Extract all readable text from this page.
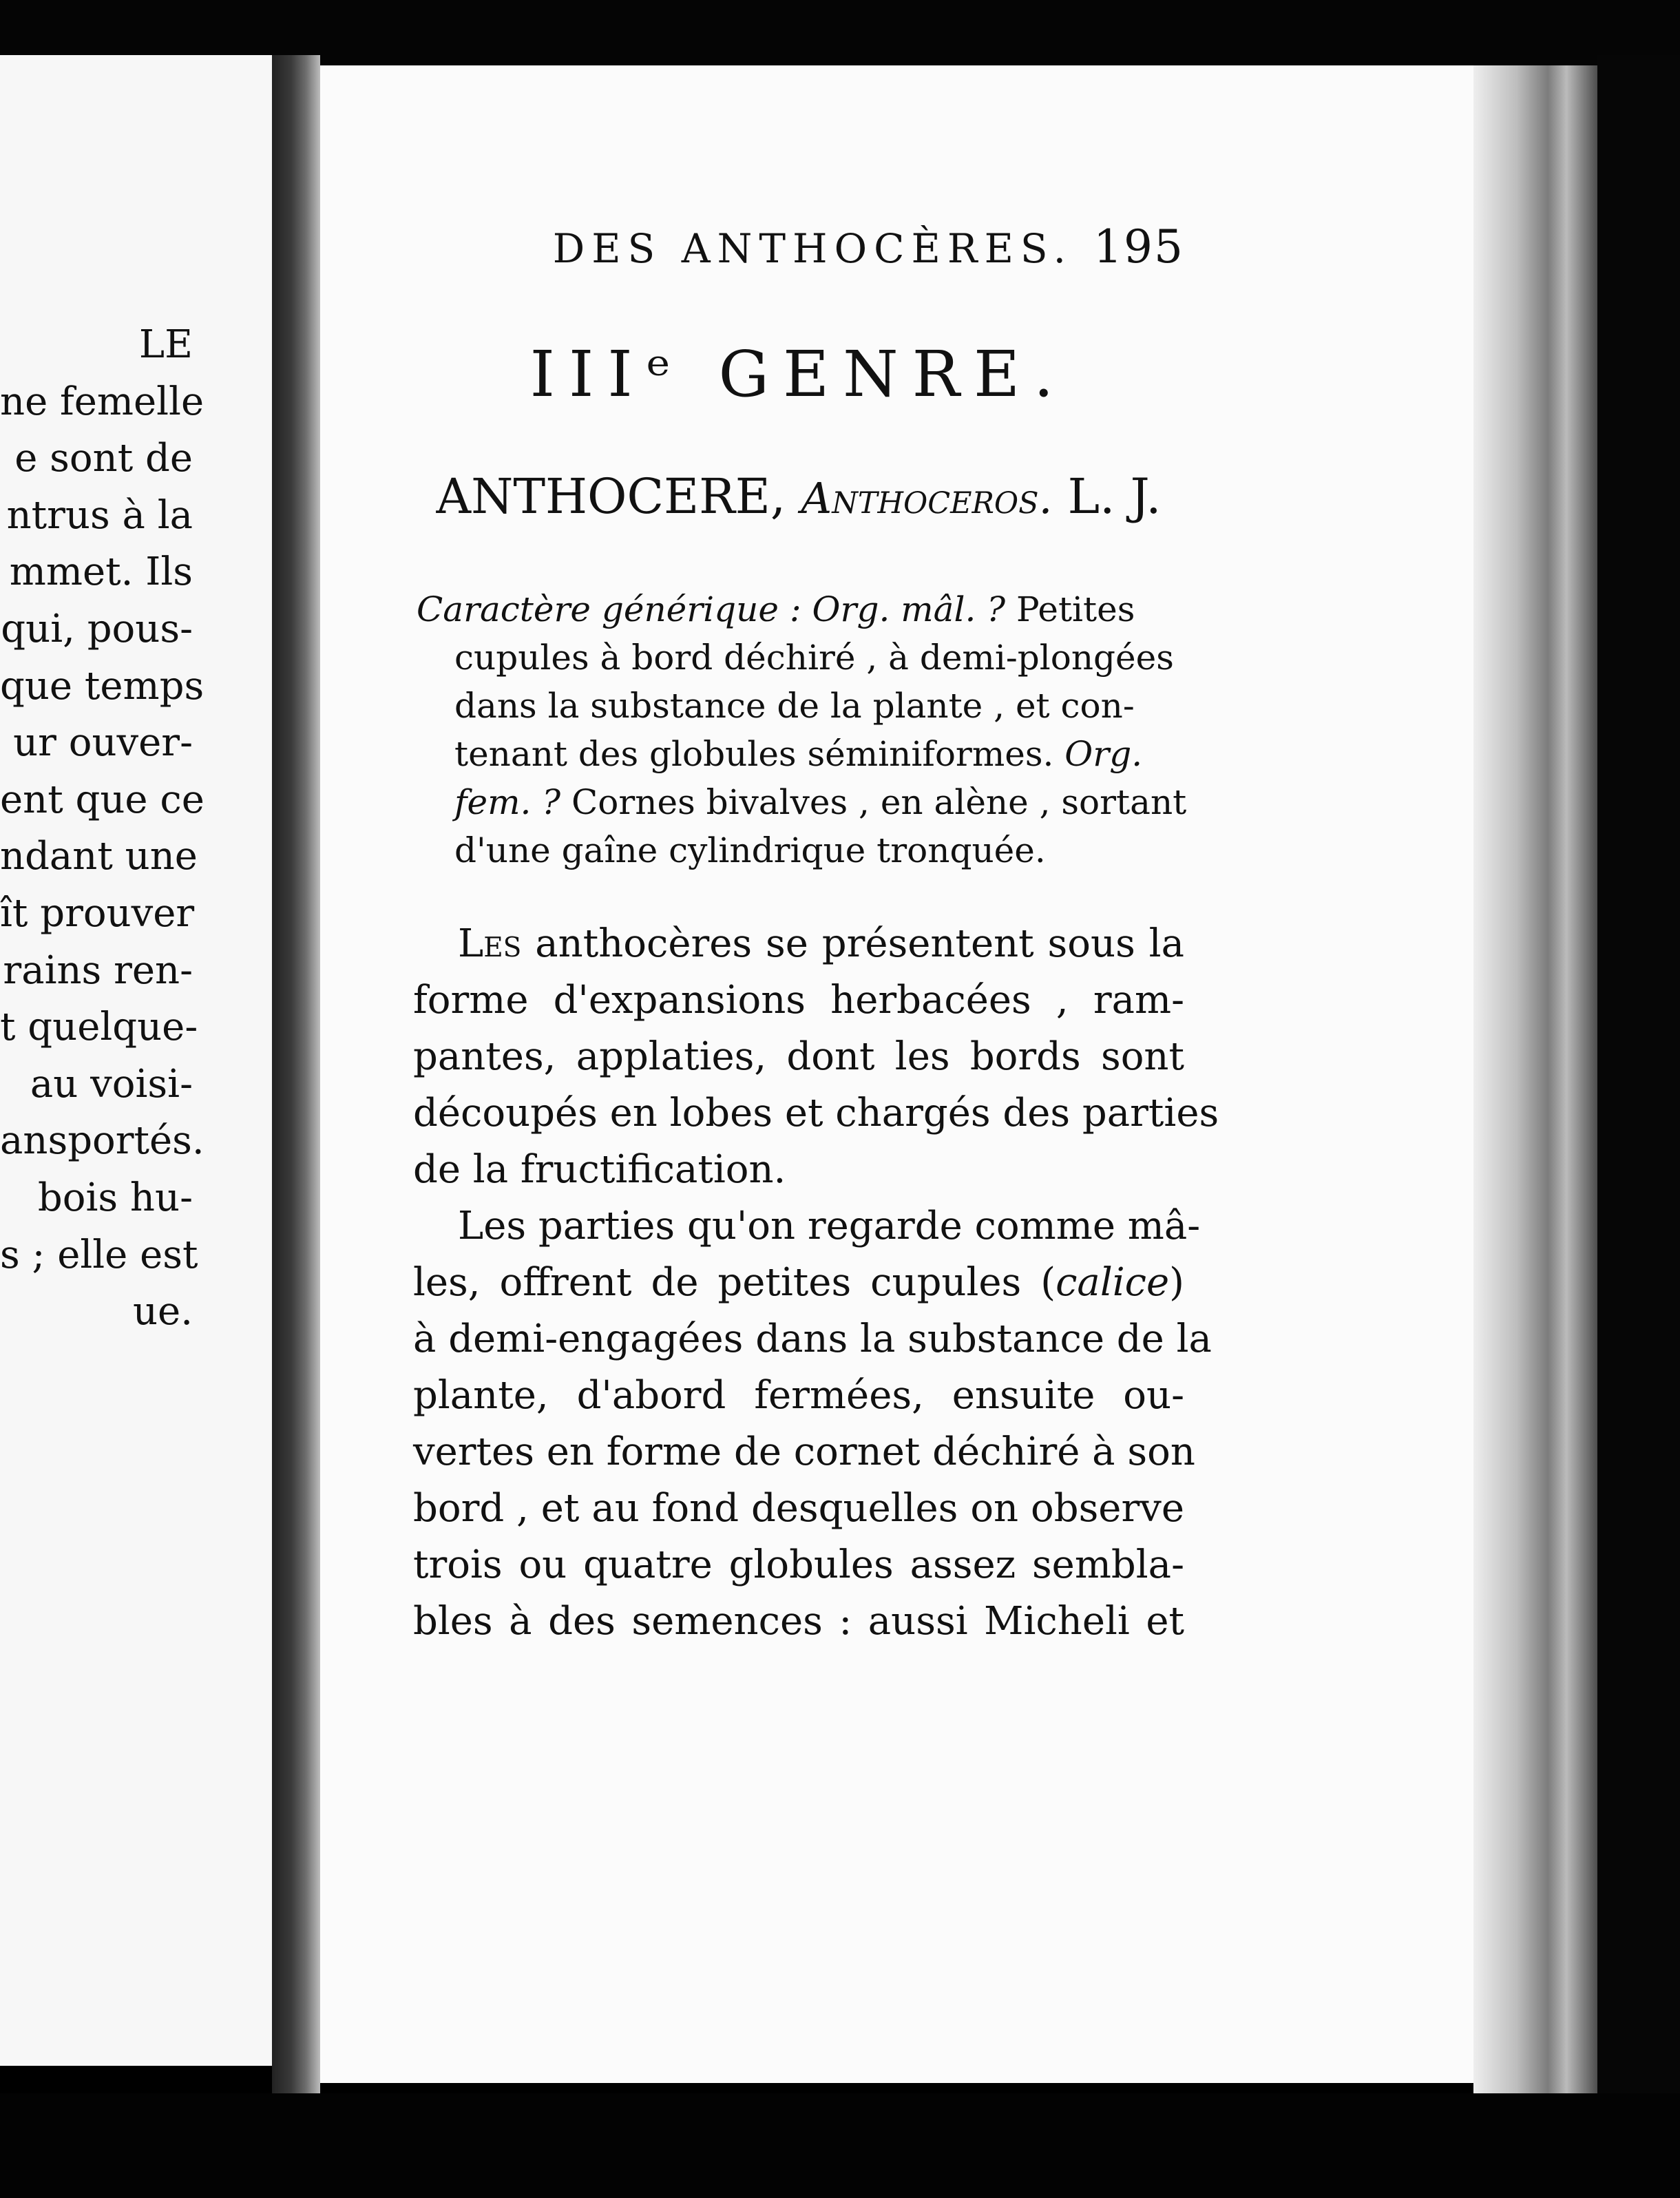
LE
ne femelle
e sont de
ntrus à la
mmet. Ils
qui, pous-
que temps
ur ouver-
ent que ce
ndant une
ît prouver
rains ren-
t quelque-
au voisi-
ansportés.
bois hu-
s ; elle est
ue.
DES ANTHOCÈRES. 195
IIIᵉ GENRE.
ANTHOCERE, Anthoceros. L. J.
Caractère générique : Org. mâl. ? Petites
cupules à bord déchiré , à demi-plongées
dans la substance de la plante , et con-
tenant des globules séminiformes. Org.
fem. ? Cornes bivalves , en alène , sortant
d'une gaîne cylindrique tronquée.
Les anthocères se présentent sous la
forme d'expansions herbacées , ram-
pantes, applaties, dont les bords sont
découpés en lobes et chargés des parties
de la fructification.
Les parties qu'on regarde comme mâ-
les, offrent de petites cupules (calice)
à demi-engagées dans la substance de la
plante, d'abord fermées, ensuite ou-
vertes en forme de cornet déchiré à son
bord , et au fond desquelles on observe
trois ou quatre globules assez sembla-
bles à des semences : aussi Micheli et
